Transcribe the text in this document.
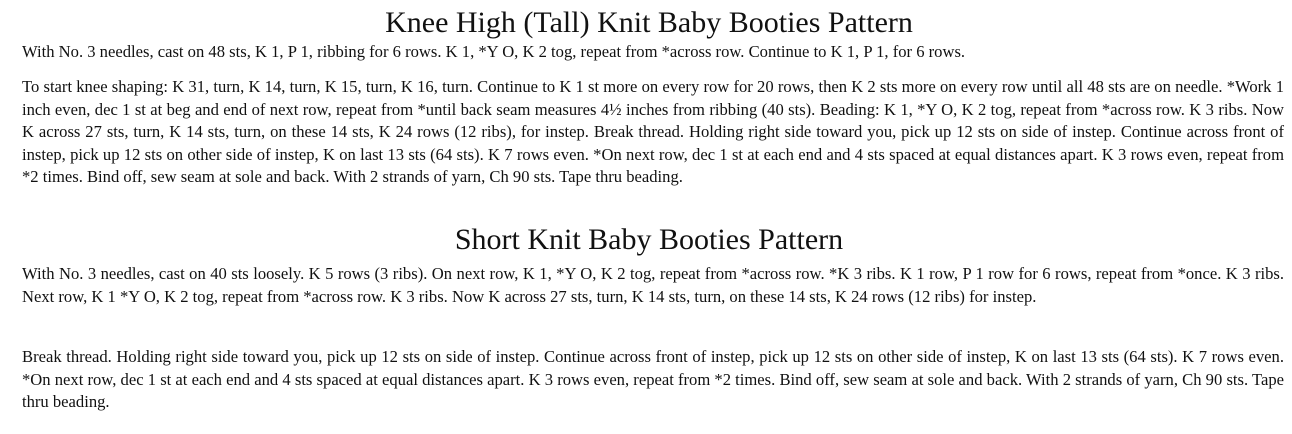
Knee High (Tall) Knit Baby Booties Pattern

With No. 3 needles, cast on 48 sts, K 1, P 1, ribbing for 6 rows. K 1, *Y O, K 2 tog, repeat from *across row. Continue to K 1, P 1, for 6 rows.

To start knee shaping: K 31, turn, K 14, turn, K 15, turn, K 16, turn. Continue to K 1 st more on every row for 20 rows, then K 2 sts more on every row until all 48 sts are on needle. *Work 1 inch even, dec 1 st at beg and end of next row, repeat from *until back seam measures 4½ inches from ribbing (40 sts). Beading: K 1, *Y O, K 2 tog, repeat from *across row. K 3 ribs. Now K across 27 sts, turn, K 14 sts, turn, on these 14 sts, K 24 rows (12 ribs), for instep. Break thread. Holding right side toward you, pick up 12 sts on side of instep. Continue across front of instep, pick up 12 sts on other side of instep, K on last 13 sts (64 sts). K 7 rows even. *On next row, dec 1 st at each end and 4 sts spaced at equal distances apart. K 3 rows even, repeat from *2 times. Bind off, sew seam at sole and back. With 2 strands of yarn, Ch 90 sts. Tape thru beading.

Short Knit Baby Booties Pattern

With No. 3 needles, cast on 40 sts loosely. K 5 rows (3 ribs). On next row, K 1, *Y O, K 2 tog, repeat from *across row. *K 3 ribs. K 1 row, P 1 row for 6 rows, repeat from *once. K 3 ribs. Next row, K 1 *Y O, K 2 tog, repeat from *across row. K 3 ribs. Now K across 27 sts, turn, K 14 sts, turn, on these 14 sts, K 24 rows (12 ribs) for instep.

Break thread. Holding right side toward you, pick up 12 sts on side of instep. Continue across front of instep, pick up 12 sts on other side of instep, K on last 13 sts (64 sts). K 7 rows even. *On next row, dec 1 st at each end and 4 sts spaced at equal distances apart. K 3 rows even, repeat from *2 times. Bind off, sew seam at sole and back. With 2 strands of yarn, Ch 90 sts. Tape thru beading.
